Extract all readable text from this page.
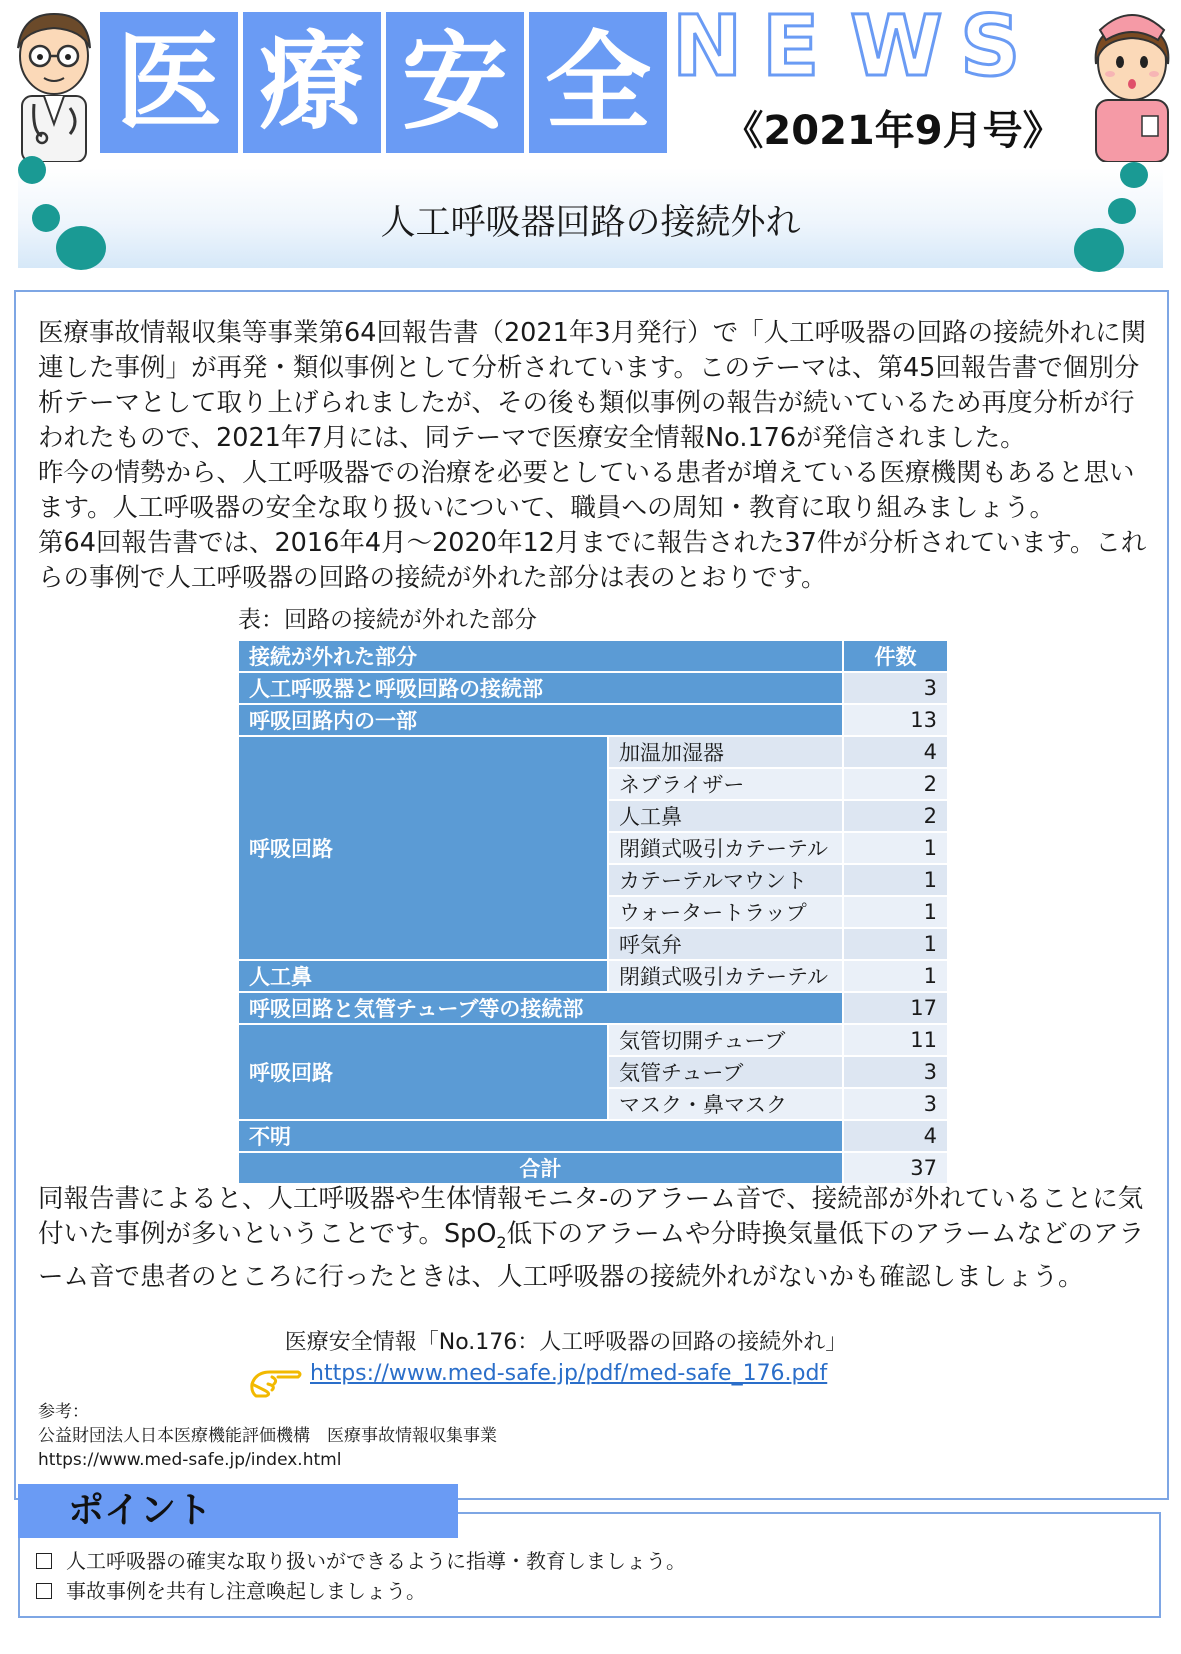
医 療 安 全 N E W S
《2021年9月号》
人工呼吸器回路の接続外れ

医療事故情報収集等事業第64回報告書（2021年3月発行）で「人工呼吸器の回路の接続外れに関連した事例」が再発・類似事例として分析されています。このテーマは、第45回報告書で個別分析テーマとして取り上げられましたが、その後も類似事例の報告が続いているため再度分析が行われたもので、2021年7月には、同テーマで医療安全情報No.176が発信されました。

昨今の情勢から、人工呼吸器での治療を必要としている患者が増えている医療機関もあると思います。人工呼吸器の安全な取り扱いについて、職員への周知・教育に取り組みましょう。

第64回報告書では、2016年4月～2020年12月までに報告された37件が分析されています。これらの事例で人工呼吸器の回路の接続が外れた部分は表のとおりです。

表：回路の接続が外れた部分
接続が外れた部分		件数
人工呼吸器と呼吸回路の接続部		3
呼吸回路内の一部		13
呼吸回路	加温加湿器	4
	ネブライザー	2
	人工鼻	2
	閉鎖式吸引カテーテル	1
	カテーテルマウント	1
	ウォータートラップ	1
	呼気弁	1
人工鼻	閉鎖式吸引カテーテル	1
呼吸回路と気管チューブ等の接続部		17
呼吸回路	気管切開チューブ	11
	気管チューブ	3
	マスク・鼻マスク	3
不明		4
合計		37
同報告書によると、人工呼吸器や生体情報モニタ-のアラーム音で、接続部が外れていることに気付いた事例が多いということです。SpO$_2$低下のアラームや分時換気量低下のアラームなどのアラーム音で患者のところに行ったときは、人工呼吸器の接続外れがないかも確認しましょう。
医療安全情報「No.176：人工呼吸器の回路の接続外れ」
https://www.med-safe.jp/pdf/med-safe_176.pdf
参考：
公益財団法人日本医療機能評価機構　医療事故情報収集事業
https://www.med-safe.jp/index.html
ポイント
人工呼吸器の確実な取り扱いができるように指導・教育しましょう。
事故事例を共有し注意喚起しましょう。
